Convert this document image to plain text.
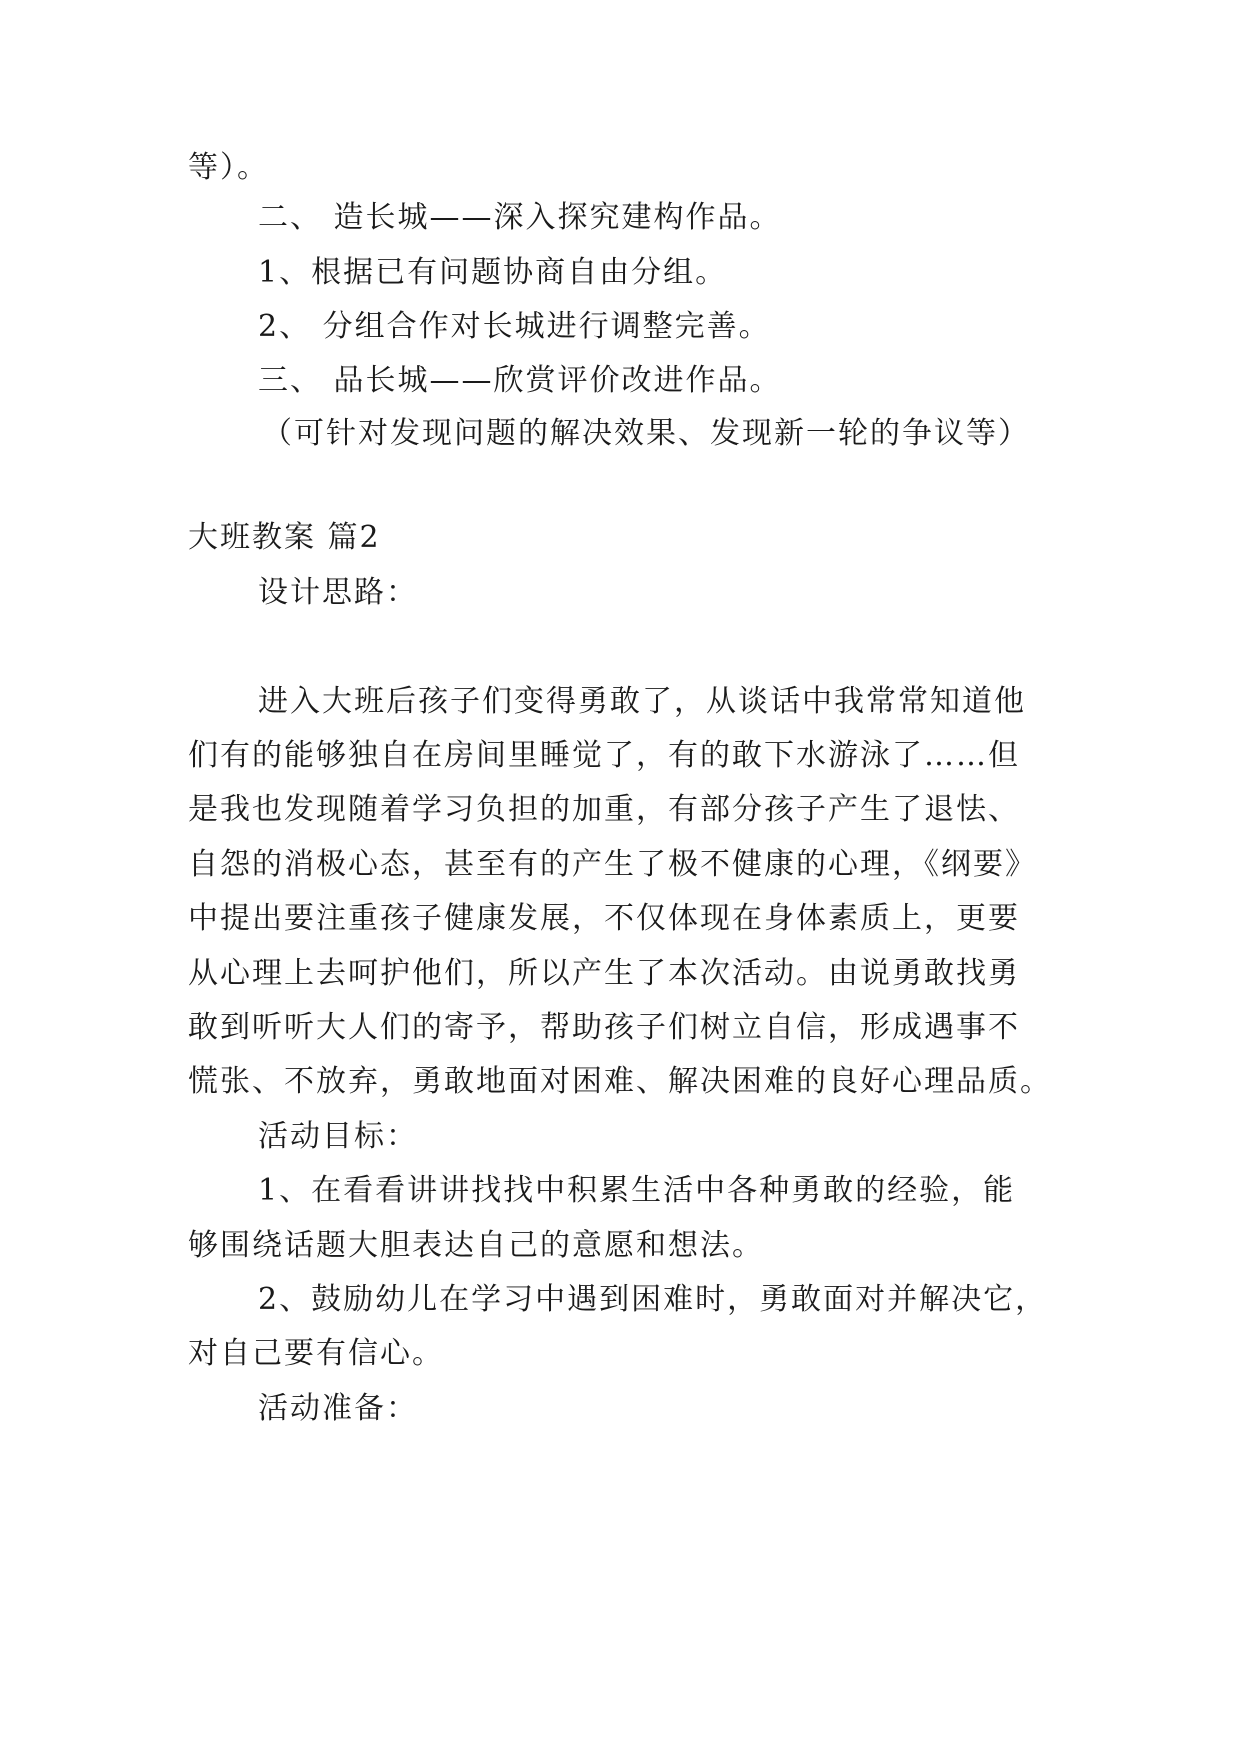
等）。
二、 造长城——深入探究建构作品。
1、根据已有问题协商自由分组。
2、 分组合作对长城进行调整完善。
三、 品长城——欣赏评价改进作品。
（可针对发现问题的解决效果、发现新一轮的争议等）
大班教案 篇2
设计思路：
进入大班后孩子们变得勇敢了，从谈话中我常常知道他
们有的能够独自在房间里睡觉了，有的敢下水游泳了……但
是我也发现随着学习负担的加重，有部分孩子产生了退怯、
自怨的消极心态，甚至有的产生了极不健康的心理，《纲要》
中提出要注重孩子健康发展，不仅体现在身体素质上，更要
从心理上去呵护他们，所以产生了本次活动。由说勇敢找勇
敢到听听大人们的寄予，帮助孩子们树立自信，形成遇事不
慌张、不放弃，勇敢地面对困难、解决困难的良好心理品质。
活动目标：
1、在看看讲讲找找中积累生活中各种勇敢的经验，能
够围绕话题大胆表达自己的意愿和想法。
2、鼓励幼儿在学习中遇到困难时，勇敢面对并解决它，
对自己要有信心。
活动准备：
